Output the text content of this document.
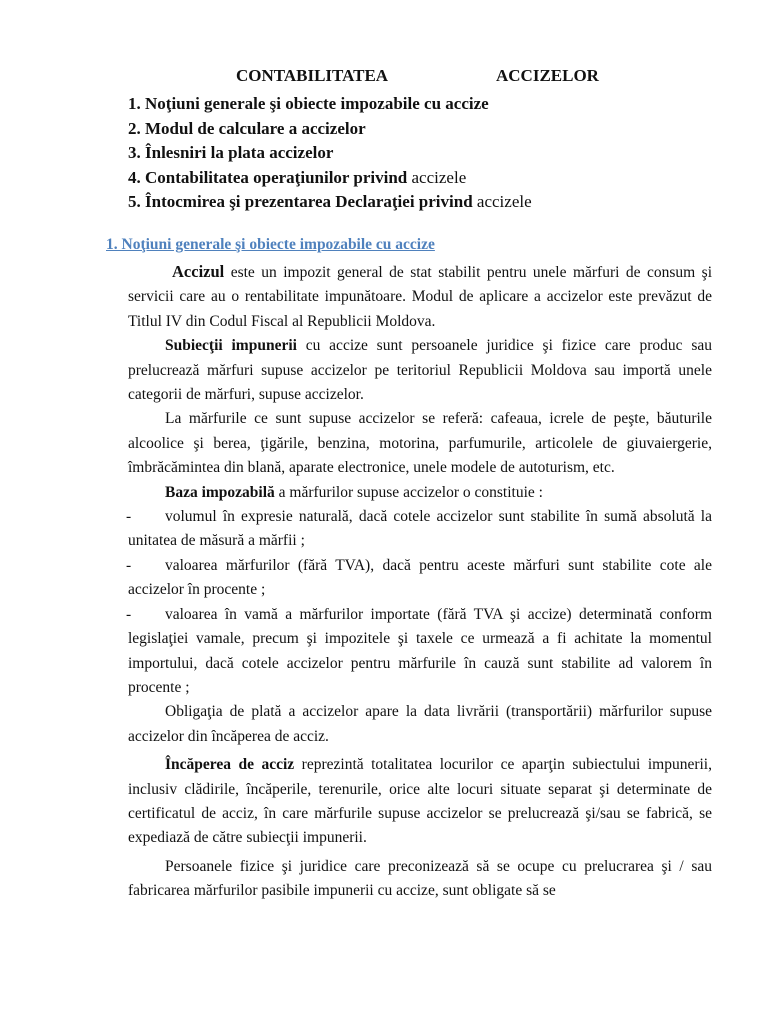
CONTABILITATEA	ACCIZELOR
1. Noţiuni generale şi obiecte impozabile cu accize
2. Modul de calculare a accizelor
3. Înlesniri la plata accizelor
4. Contabilitatea operaţiunilor privind accizele
5. Întocmirea şi prezentarea Declaraţiei privind accizele
1. Noţiuni generale şi obiecte impozabile cu accize

Accizul este un impozit general de stat stabilit pentru unele mărfuri de consum şi servicii care au o rentabilitate impunătoare. Modul de aplicare a accizelor este prevăzut de Titlul IV din Codul Fiscal al Republicii Moldova.

Subiecţii impunerii cu accize sunt persoanele juridice şi fizice care produc sau prelucrează mărfuri supuse accizelor pe teritoriul Republicii Moldova sau importă unele categorii de mărfuri, supuse accizelor.

La mărfurile ce sunt supuse accizelor se referă: cafeaua, icrele de peşte, băuturile alcoolice şi berea, ţigările, benzina, motorina, parfumurile, articolele de giuvaiergerie, îmbrăcămintea din blană, aparate electronice, unele modele de autoturism, etc.

Baza impozabilă a mărfurilor supuse accizelor o constituie :

-	volumul în expresie naturală, dacă cotele accizelor sunt stabilite în sumă absolută la unitatea de măsură a mărfii ;
-	valoarea mărfurilor (fără TVA), dacă pentru aceste mărfuri sunt stabilite cote ale accizelor în procente ;
-	valoarea în vamă a mărfurilor importate (fără TVA şi accize) determinată conform legislaţiei vamale, precum şi impozitele şi taxele ce urmează a fi achitate la momentul importului, dacă cotele accizelor pentru mărfurile în cauză sunt stabilite ad valorem în procente ;

Obligaţia de plată a accizelor apare la data livrării (transportării) mărfurilor supuse accizelor din încăperea de acciz.

Încăperea de acciz reprezintă totalitatea locurilor ce aparţin subiectului impunerii, inclusiv clădirile, încăperile, terenurile, orice alte locuri situate separat şi determinate de certificatul de acciz, în care mărfurile supuse accizelor se prelucrează şi/sau se fabrică, se expediază de către subiecţii impunerii.

Persoanele fizice şi juridice care preconizează să se ocupe cu prelucrarea şi / sau fabricarea mărfurilor pasibile impunerii cu accize, sunt obligate să se
